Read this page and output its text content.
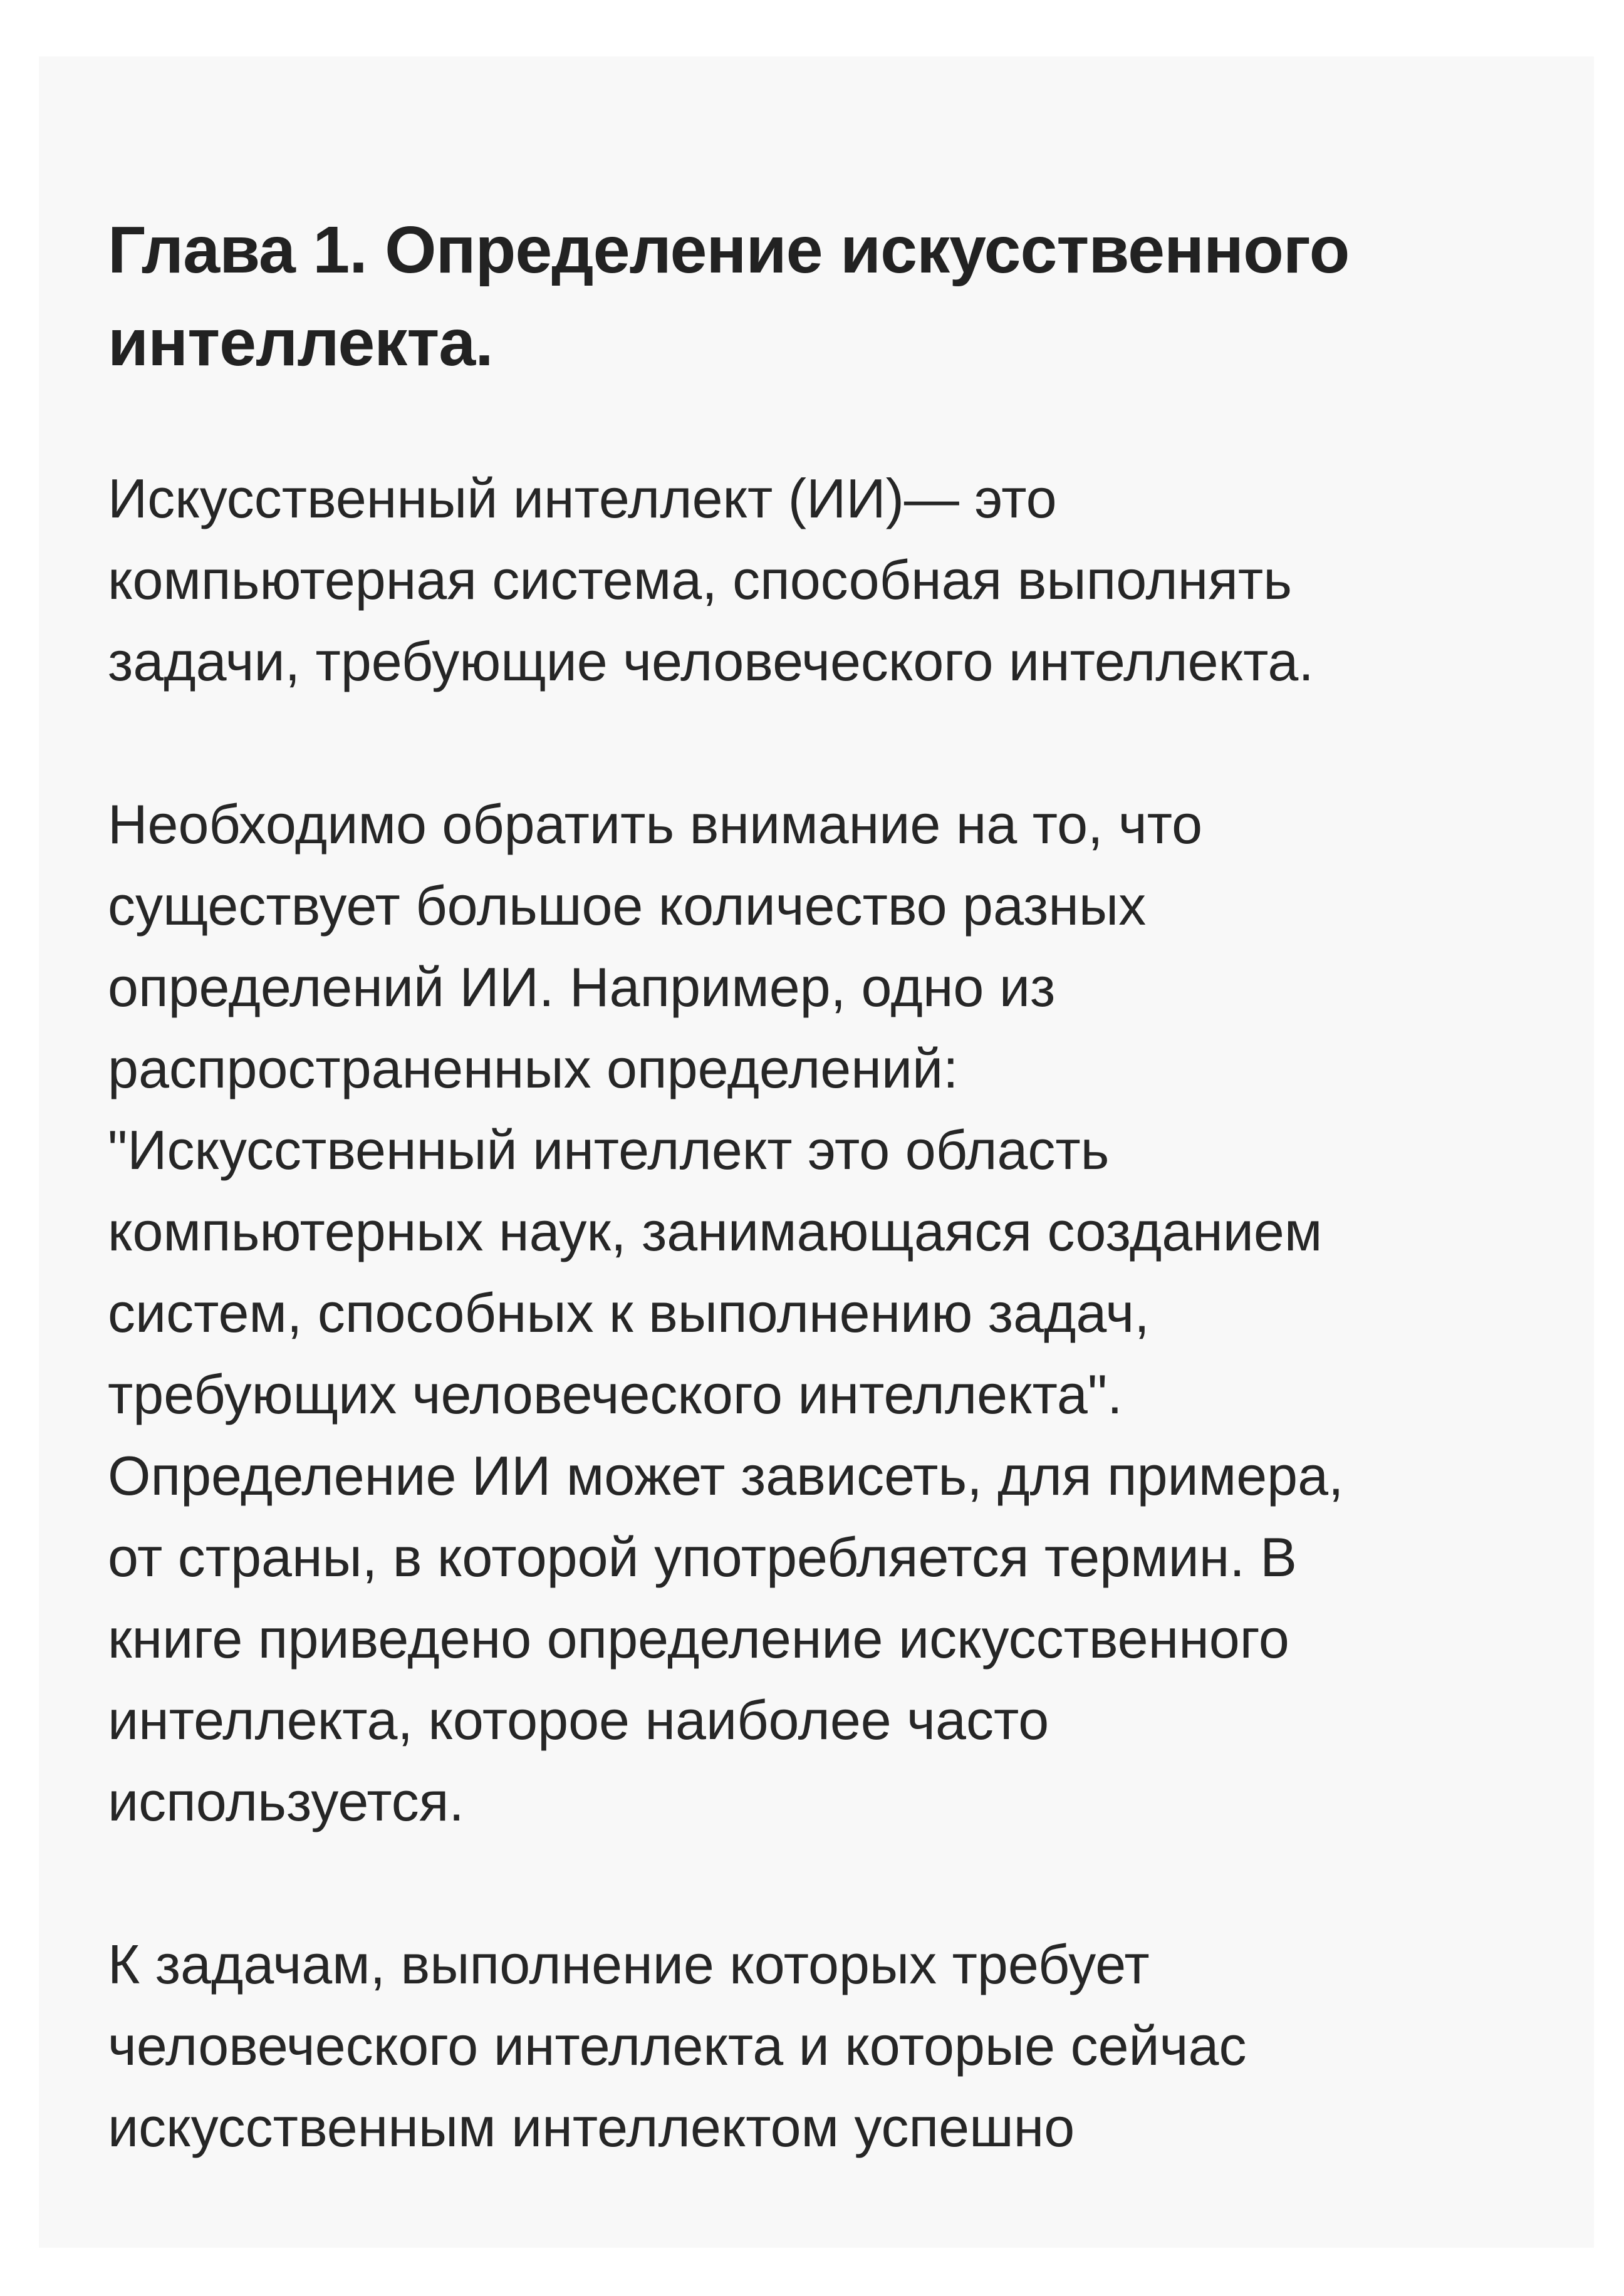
Глава 1. Определение искусственного
интеллекта.

Искусственный интеллект (ИИ)— это
компьютерная система, способная выполнять
задачи, требующие человеческого интеллекта.

Необходимо обратить внимание на то, что
существует большое количество разных
определений ИИ. Например, одно из
распространенных определений:
"Искусственный интеллект это область
компьютерных наук, занимающаяся созданием
систем, способных к выполнению задач,
требующих человеческого интеллекта".
Определение ИИ может зависеть, для примера,
от страны, в которой употребляется термин. В
книге приведено определение искусственного
интеллекта, которое наиболее часто
используется.

К задачам, выполнение которых требует
человеческого интеллекта и которые сейчас
искусственным интеллектом успешно
